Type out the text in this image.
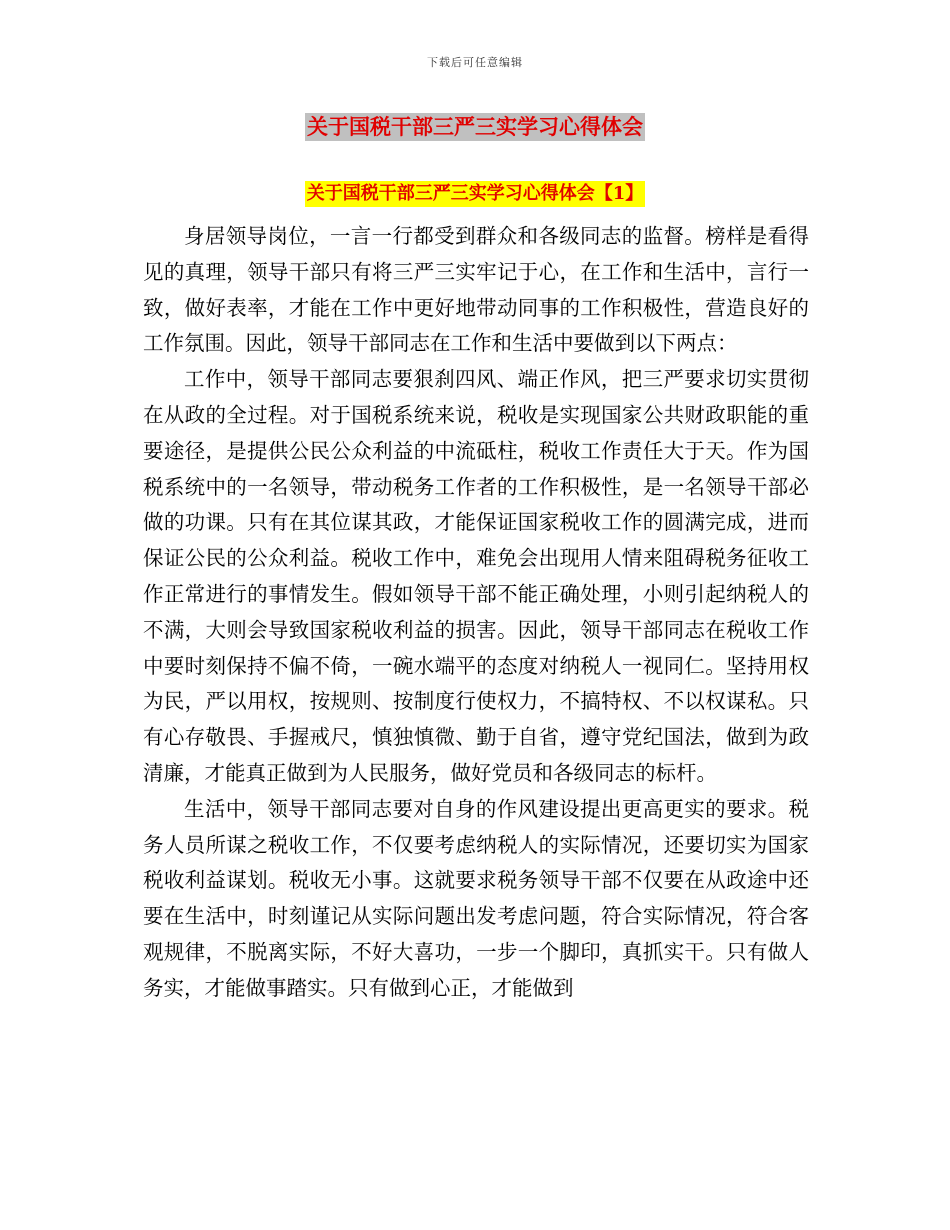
下载后可任意编辑
关于国税干部三严三实学习心得体会
关于国税干部三严三实学习心得体会【1】

身居领导岗位，一言一行都受到群众和各级同志的监督。榜样是看得见的真理，领导干部只有将三严三实牢记于心，在工作和生活中，言行一致，做好表率，才能在工作中更好地带动同事的工作积极性，营造良好的工作氛围。因此，领导干部同志在工作和生活中要做到以下两点：

工作中，领导干部同志要狠刹四风、端正作风，把三严要求切实贯彻在从政的全过程。对于国税系统来说，税收是实现国家公共财政职能的重要途径，是提供公民公众利益的中流砥柱，税收工作责任大于天。作为国税系统中的一名领导，带动税务工作者的工作积极性，是一名领导干部必做的功课。只有在其位谋其政，才能保证国家税收工作的圆满完成，进而保证公民的公众利益。税收工作中，难免会出现用人情来阻碍税务征收工作正常进行的事情发生。假如领导干部不能正确处理，小则引起纳税人的不满，大则会导致国家税收利益的损害。因此，领导干部同志在税收工作中要时刻保持不偏不倚，一碗水端平的态度对纳税人一视同仁。坚持用权为民，严以用权，按规则、按制度行使权力，不搞特权、不以权谋私。只有心存敬畏、手握戒尺，慎独慎微、勤于自省，遵守党纪国法，做到为政清廉，才能真正做到为人民服务，做好党员和各级同志的标杆。

生活中，领导干部同志要对自身的作风建设提出更高更实的要求。税务人员所谋之税收工作，不仅要考虑纳税人的实际情况，还要切实为国家税收利益谋划。税收无小事。这就要求税务领导干部不仅要在从政途中还要在生活中，时刻谨记从实际问题出发考虑问题，符合实际情况，符合客观规律，不脱离实际，不好大喜功，一步一个脚印，真抓实干。只有做人务实，才能做事踏实。只有做到心正，才能做到
